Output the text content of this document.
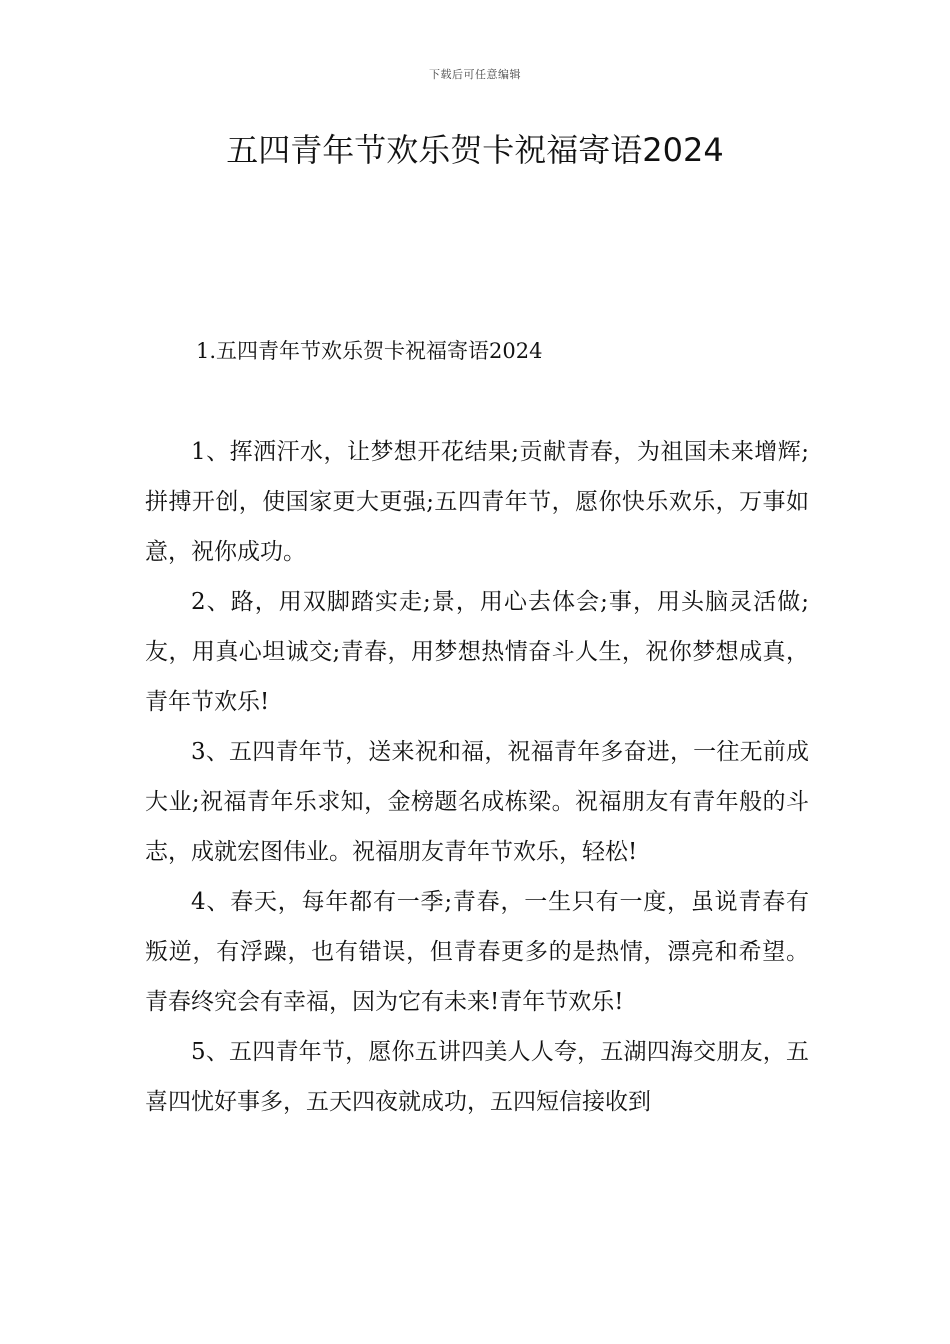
下载后可任意编辑
五四青年节欢乐贺卡祝福寄语2024
1.五四青年节欢乐贺卡祝福寄语2024

1、挥洒汗水，让梦想开花结果;贡献青春，为祖国未来增辉;拼搏开创，使国家更大更强;五四青年节，愿你快乐欢乐，万事如意，祝你成功。

2、路，用双脚踏实走;景，用心去体会;事，用头脑灵活做;友，用真心坦诚交;青春，用梦想热情奋斗人生，祝你梦想成真，青年节欢乐!

3、五四青年节，送来祝和福，祝福青年多奋进，一往无前成大业;祝福青年乐求知，金榜题名成栋梁。祝福朋友有青年般的斗志，成就宏图伟业。祝福朋友青年节欢乐，轻松!

4、春天，每年都有一季;青春，一生只有一度，虽说青春有叛逆，有浮躁，也有错误，但青春更多的是热情，漂亮和希望。青春终究会有幸福，因为它有未来!青年节欢乐!

5、五四青年节，愿你五讲四美人人夸，五湖四海交朋友，五喜四忧好事多，五天四夜就成功，五四短信接收到
